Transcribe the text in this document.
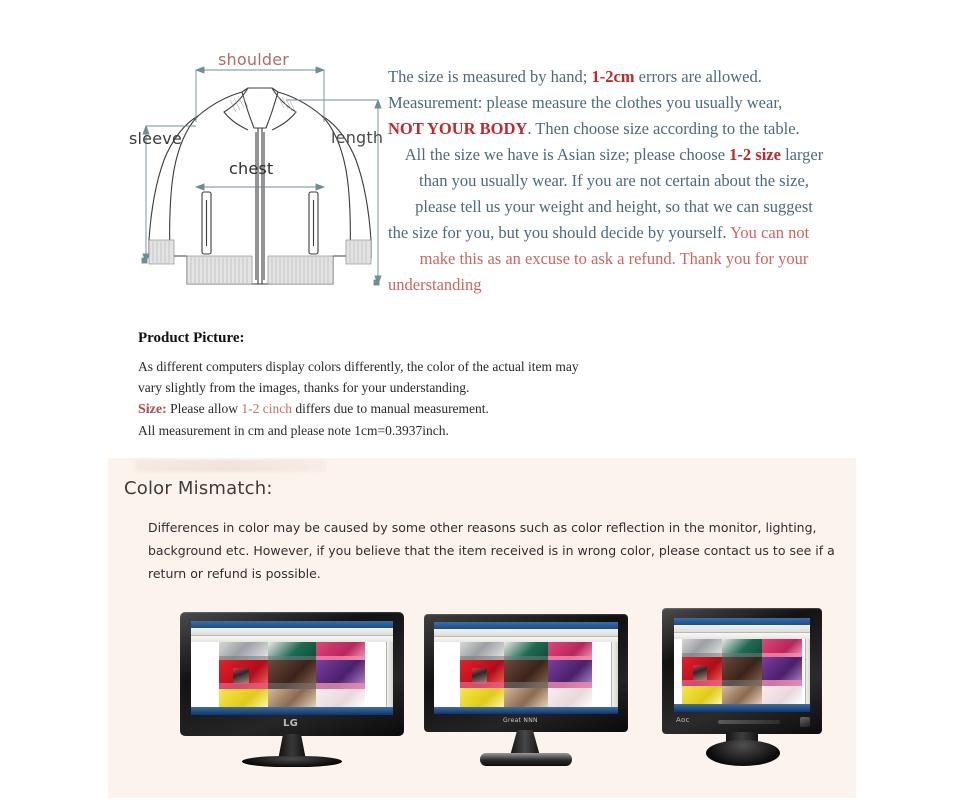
shoulder
sleeve
chest
length

The size is measured by hand; 1-2cm errors are allowed.

Measurement: please measure the clothes you usually wear,

NOT YOUR BODY. Then choose size according to the table.

All the size we have is Asian size; please choose 1-2 size larger

than you usually wear. If you are not certain about the size,

please tell us your weight and height, so that we can suggest

the size for you, but you should decide by yourself. You can not

make this as an excuse to ask a refund. Thank you for your

understanding

Product Picture:

As different computers display colors differently, the color of the actual item may

vary slightly from the images, thanks for your understanding.

Size: Please allow 1-2 cinch differs due to manual measurement.

All measurement in cm and please note 1cm=0.3937inch.

Color Mismatch:
Differences in color may be caused by some other reasons such as color reflection in the monitor, lighting, background etc. However, if you believe that the item received is in wrong color, please contact us to see if a return or refund is possible.
LG	Great NNN	Aoc
